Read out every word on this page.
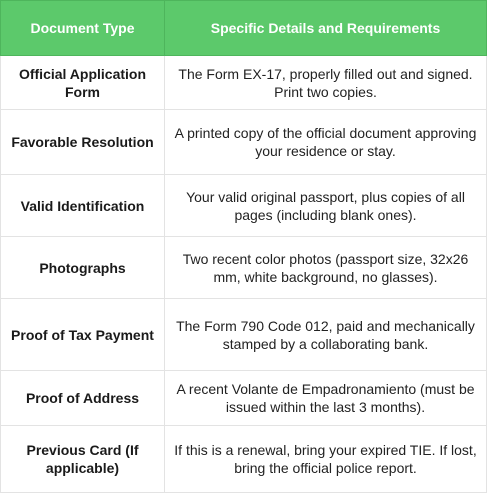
Document Type	Specific Details and Requirements
Official Application Form	The Form EX-17, properly filled out and signed. Print two copies.
Favorable Resolution	A printed copy of the official document approving your residence or stay.
Valid Identification	Your valid original passport, plus copies of all pages (including blank ones).
Photographs	Two recent color photos (passport size, 32x26 mm, white background, no glasses).
Proof of Tax Payment	The Form 790 Code 012, paid and mechanically stamped by a collaborating bank.
Proof of Address	A recent Volante de Empadronamiento (must be issued within the last 3 months).
Previous Card (If applicable)	If this is a renewal, bring your expired TIE. If lost, bring the official police report.
